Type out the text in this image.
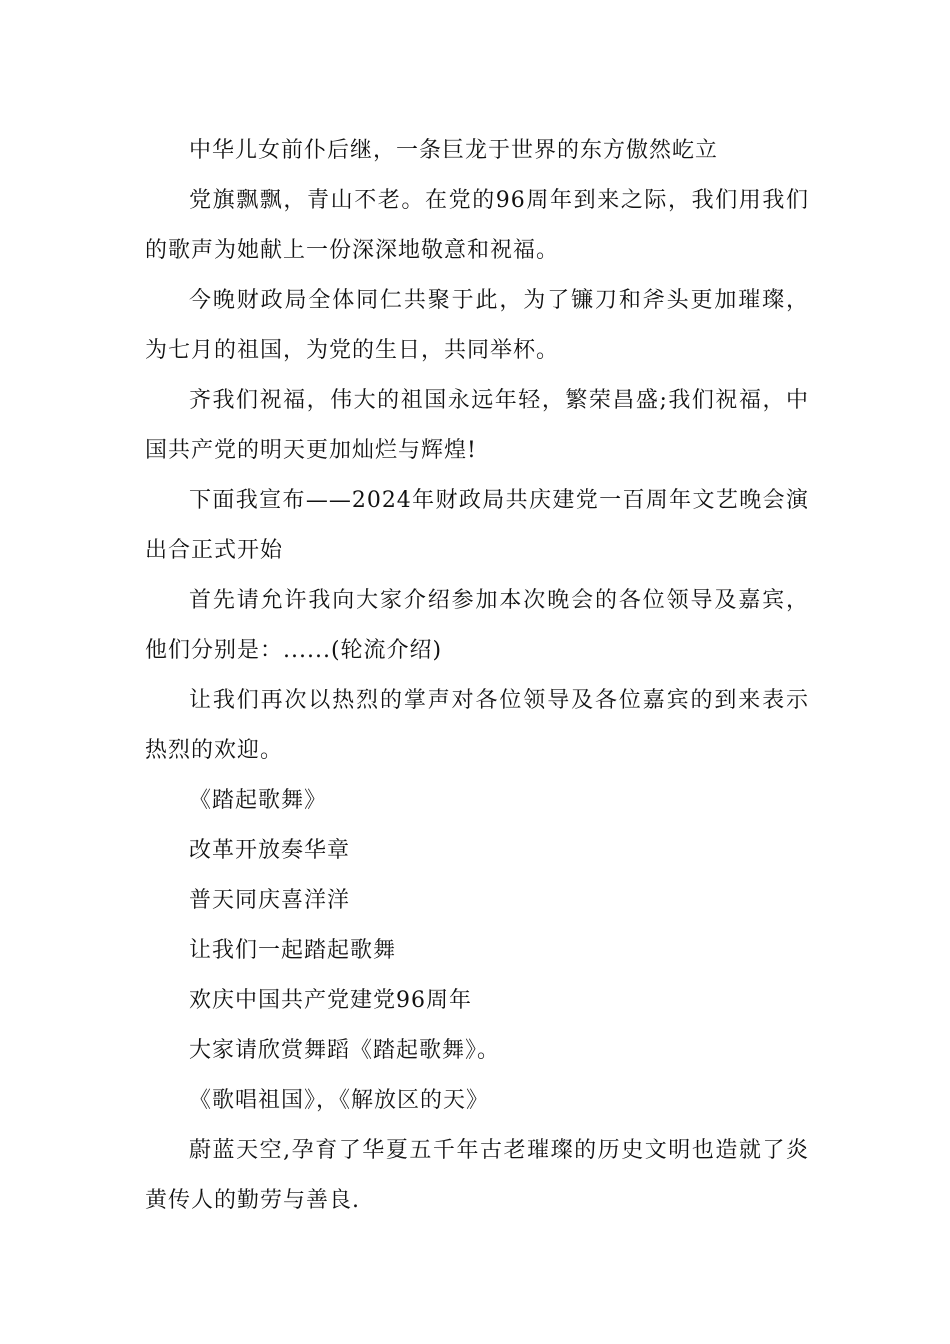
中华儿女前仆后继，一条巨龙于世界的东方傲然屹立

党旗飘飘，青山不老。在党的96周年到来之际，我们用我们的歌声为她献上一份深深地敬意和祝福。

今晚财政局全体同仁共聚于此，为了镰刀和斧头更加璀璨，为七月的祖国，为党的生日，共同举杯。

齐我们祝福，伟大的祖国永远年轻，繁荣昌盛;我们祝福，中国共产党的明天更加灿烂与辉煌!

下面我宣布——2024年财政局共庆建党一百周年文艺晚会演出合正式开始

首先请允许我向大家介绍参加本次晚会的各位领导及嘉宾，他们分别是：......(轮流介绍)

让我们再次以热烈的掌声对各位领导及各位嘉宾的到来表示热烈的欢迎。

《踏起歌舞》

改革开放奏华章

普天同庆喜洋洋

让我们一起踏起歌舞

欢庆中国共产党建党96周年

大家请欣赏舞蹈《踏起歌舞》。

《歌唱祖国》，《解放区的天》

蔚蓝天空,孕育了华夏五千年古老璀璨的历史文明也造就了炎黄传人的勤劳与善良.
